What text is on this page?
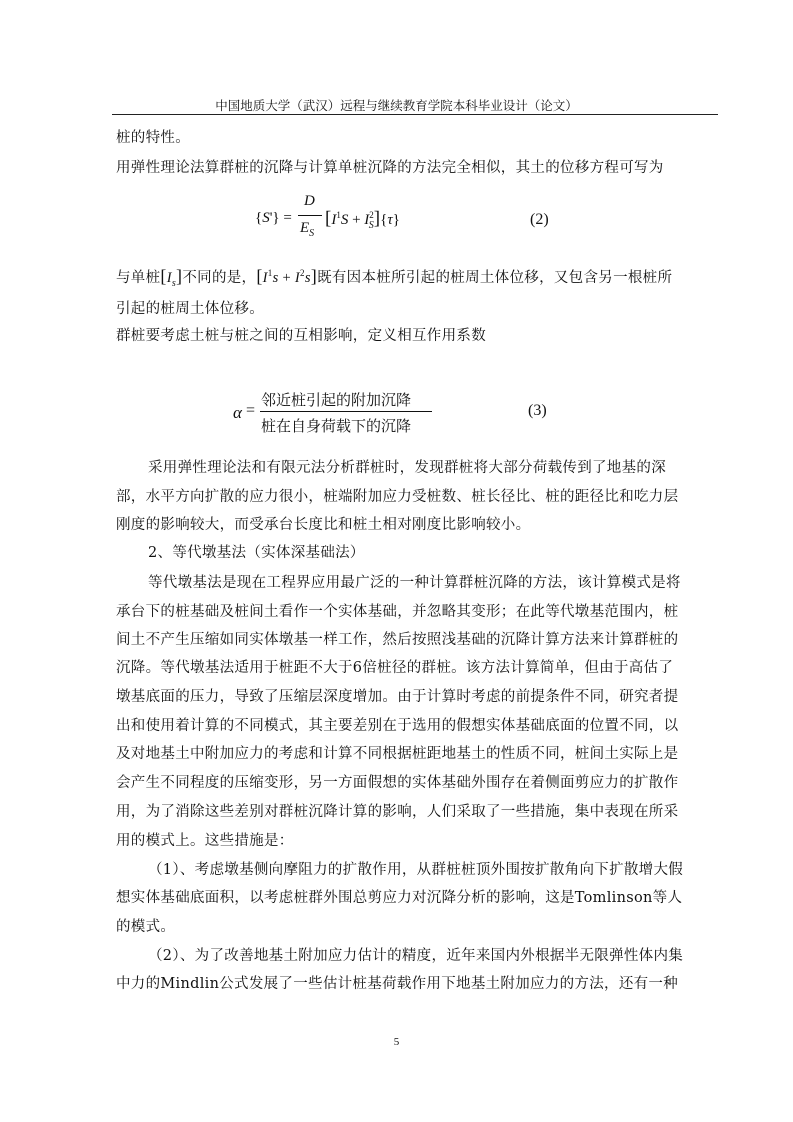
中国地质大学（武汉）远程与继续教育学院本科毕业设计（论文）
桩的特性。
用弹性理论法算群桩的沉降与计算单桩沉降的方法完全相似，其土的位移方程可写为
{S'} =
D
$E_S$
$[I^1S + I^2_S]\{\tau\}$	(2)
与单桩$[I_s]$不同的是，$[I^1s + I^2s]$既有因本桩所引起的桩周土体位移，又包含另一根桩所
引起的桩周土体位移。
群桩要考虑土桩与桩之间的互相影响，定义相互作用系数
α =
邻近桩引起的附加沉降
桩在自身荷载下的沉降
(3)
采用弹性理论法和有限元法分析群桩时，发现群桩将大部分荷载传到了地基的深
部，水平方向扩散的应力很小，桩端附加应力受桩数、桩长径比、桩的距径比和吃力层
刚度的影响较大，而受承台长度比和桩土相对刚度比影响较小。
2、等代墩基法（实体深基础法）
等代墩基法是现在工程界应用最广泛的一种计算群桩沉降的方法，该计算模式是将
承台下的桩基础及桩间土看作一个实体基础，并忽略其变形；在此等代墩基范围内，桩
间土不产生压缩如同实体墩基一样工作，然后按照浅基础的沉降计算方法来计算群桩的
沉降。等代墩基法适用于桩距不大于6倍桩径的群桩。该方法计算简单，但由于高估了
墩基底面的压力，导致了压缩层深度增加。由于计算时考虑的前提条件不同，研究者提
出和使用着计算的不同模式，其主要差别在于选用的假想实体基础底面的位置不同，以
及对地基土中附加应力的考虑和计算不同根据桩距地基土的性质不同，桩间土实际上是
会产生不同程度的压缩变形，另一方面假想的实体基础外围存在着侧面剪应力的扩散作
用，为了消除这些差别对群桩沉降计算的影响，人们采取了一些措施，集中表现在所采
用的模式上。这些措施是：
（1）、考虑墩基侧向摩阻力的扩散作用，从群桩桩顶外围按扩散角向下扩散增大假
想实体基础底面积，以考虑桩群外围总剪应力对沉降分析的影响，这是Tomlinson等人
的模式。
（2）、为了改善地基土附加应力估计的精度，近年来国内外根据半无限弹性体内集
中力的Mindlin公式发展了一些估计桩基荷载作用下地基土附加应力的方法，还有一种
5
